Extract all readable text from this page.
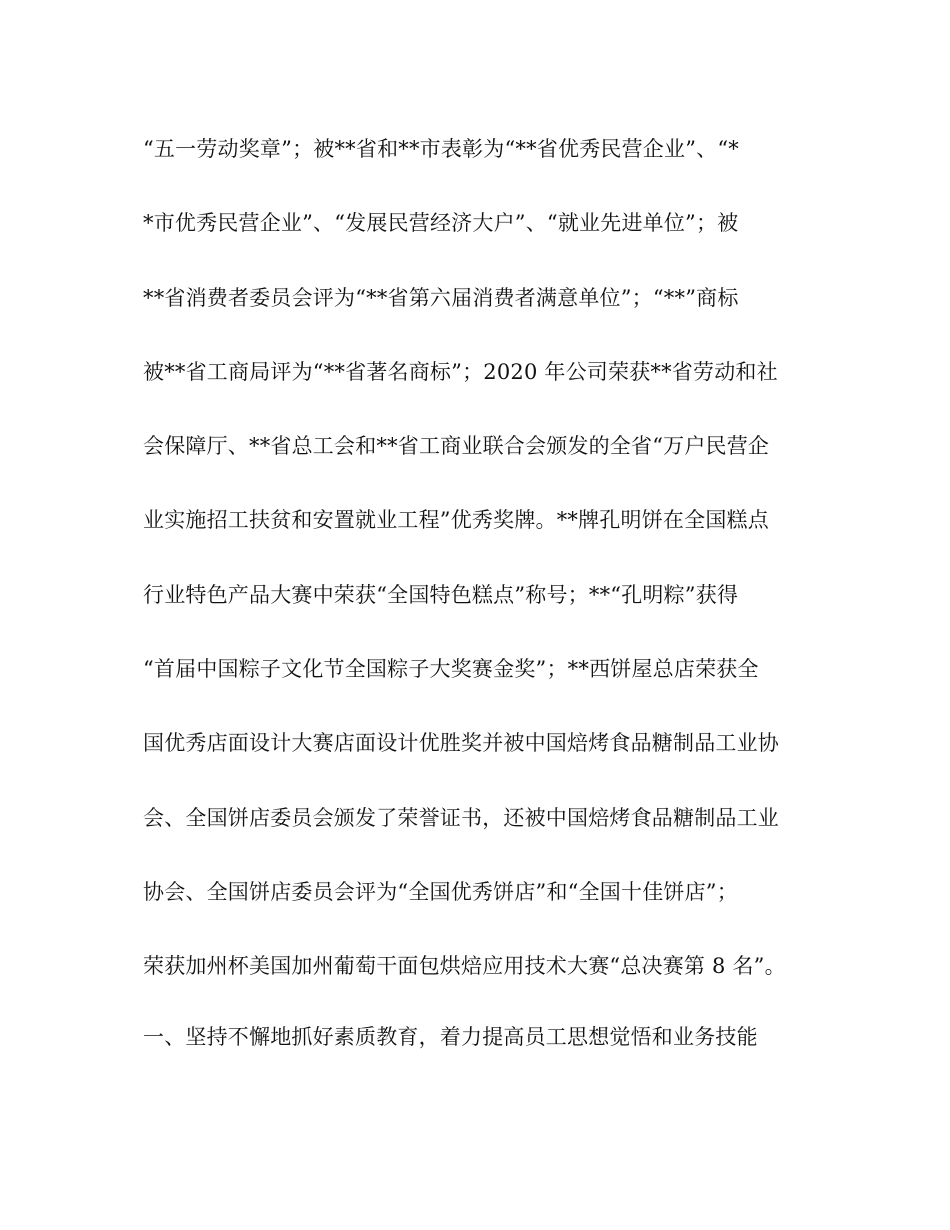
“五一劳动奖章”；被**省和**市表彰为“**省优秀民营企业”、“*
*市优秀民营企业”、“发展民营经济大户”、“就业先进单位”；被
**省消费者委员会评为“**省第六届消费者满意单位”；“**”商标
被**省工商局评为“**省著名商标”；2020 年公司荣获**省劳动和社
会保障厅、**省总工会和**省工商业联合会颁发的全省“万户民营企
业实施招工扶贫和安置就业工程”优秀奖牌。**牌孔明饼在全国糕点
行业特色产品大赛中荣获“全国特色糕点”称号；**“孔明粽”获得
“首届中国粽子文化节全国粽子大奖赛金奖”；**西饼屋总店荣获全
国优秀店面设计大赛店面设计优胜奖并被中国焙烤食品糖制品工业协
会、全国饼店委员会颁发了荣誉证书，还被中国焙烤食品糖制品工业
协会、全国饼店委员会评为“全国优秀饼店”和“全国十佳饼店”；
荣获加州杯美国加州葡萄干面包烘焙应用技术大赛“总决赛第 8 名”。
一、坚持不懈地抓好素质教育，着力提高员工思想觉悟和业务技能
